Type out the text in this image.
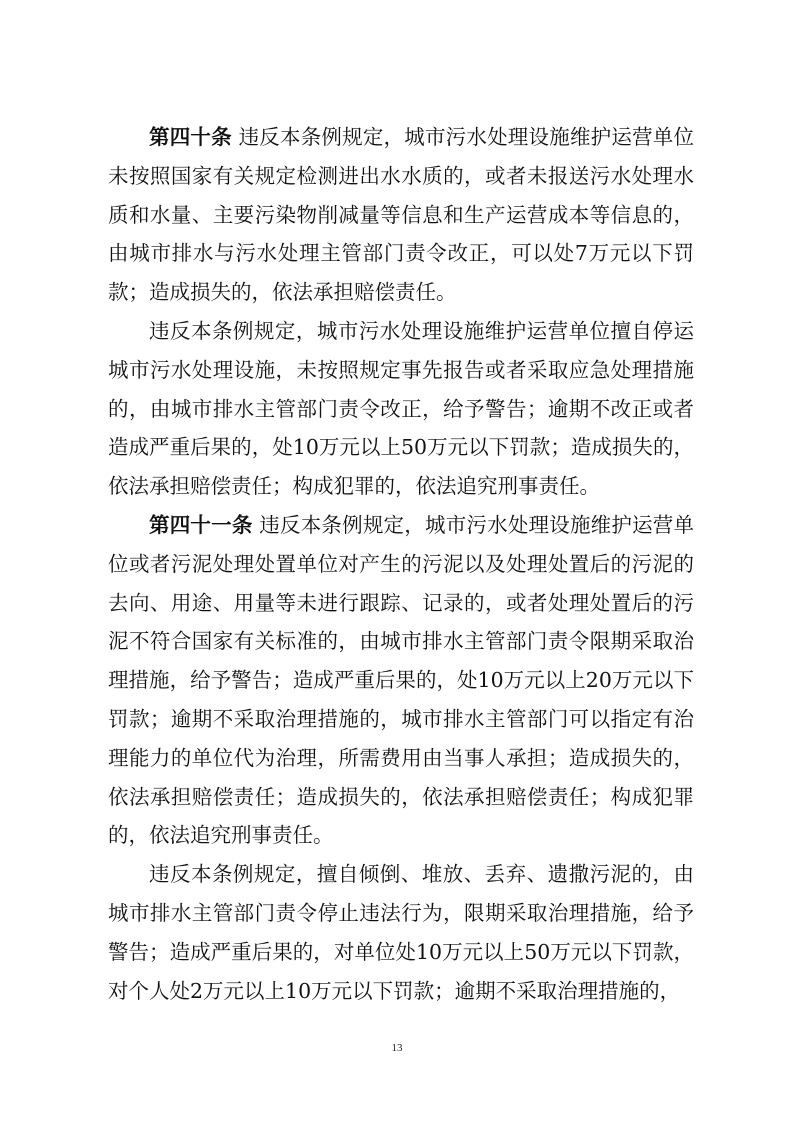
第四十条 违反本条例规定，城市污水处理设施维护运营单位未按照国家有关规定检测进出水水质的，或者未报送污水处理水质和水量、主要污染物削减量等信息和生产运营成本等信息的，由城市排水与污水处理主管部门责令改正，可以处7万元以下罚款；造成损失的，依法承担赔偿责任。

违反本条例规定，城市污水处理设施维护运营单位擅自停运城市污水处理设施，未按照规定事先报告或者采取应急处理措施的，由城市排水主管部门责令改正，给予警告；逾期不改正或者造成严重后果的，处10万元以上50万元以下罚款；造成损失的，依法承担赔偿责任；构成犯罪的，依法追究刑事责任。

第四十一条 违反本条例规定，城市污水处理设施维护运营单位或者污泥处理处置单位对产生的污泥以及处理处置后的污泥的去向、用途、用量等未进行跟踪、记录的，或者处理处置后的污泥不符合国家有关标准的，由城市排水主管部门责令限期采取治理措施，给予警告；造成严重后果的，处10万元以上20万元以下罚款；逾期不采取治理措施的，城市排水主管部门可以指定有治理能力的单位代为治理，所需费用由当事人承担；造成损失的，依法承担赔偿责任；造成损失的，依法承担赔偿责任；构成犯罪的，依法追究刑事责任。

违反本条例规定，擅自倾倒、堆放、丢弃、遗撒污泥的，由城市排水主管部门责令停止违法行为，限期采取治理措施，给予警告；造成严重后果的，对单位处10万元以上50万元以下罚款，对个人处2万元以上10万元以下罚款；逾期不采取治理措施的，

13
